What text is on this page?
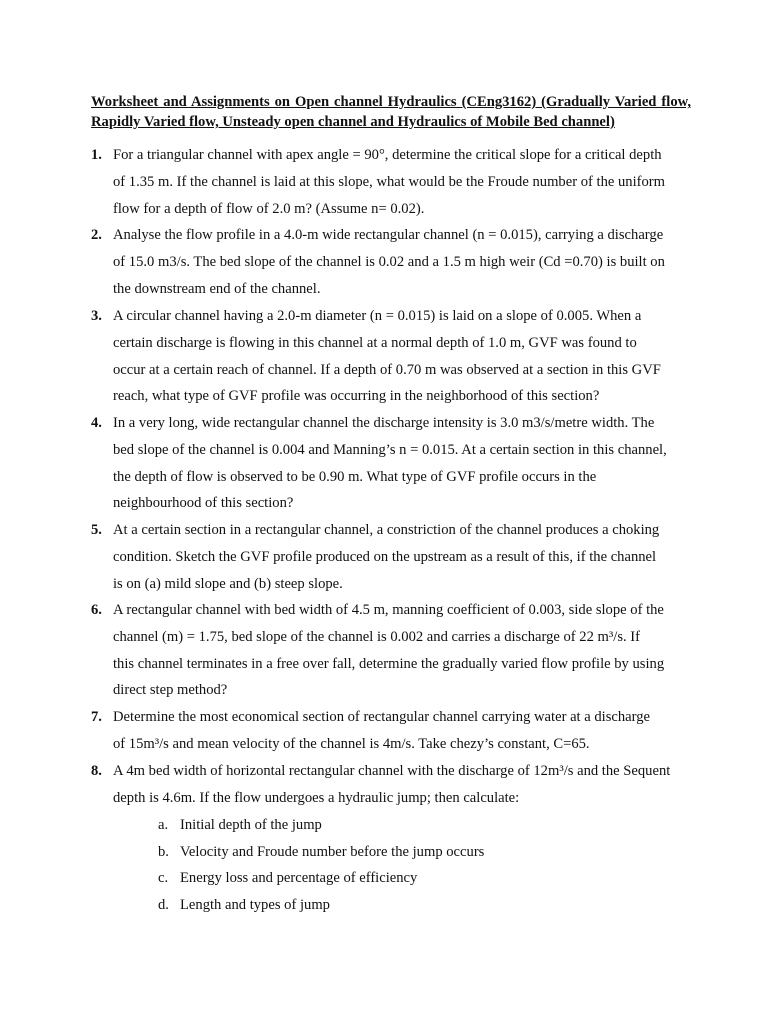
Worksheet and Assignments on Open channel Hydraulics (CEng3162) (Gradually Varied flow, Rapidly Varied flow, Unsteady open channel and Hydraulics of Mobile Bed channel)
1. For a triangular channel with apex angle = 90°, determine the critical slope for a critical depth
of 1.35 m. If the channel is laid at this slope, what would be the Froude number of the uniform
flow for a depth of flow of 2.0 m? (Assume n= 0.02).
2. Analyse the flow profile in a 4.0-m wide rectangular channel (n = 0.015), carrying a discharge
of 15.0 m3/s. The bed slope of the channel is 0.02 and a 1.5 m high weir (Cd =0.70) is built on
the downstream end of the channel.
3. A circular channel having a 2.0-m diameter (n = 0.015) is laid on a slope of 0.005. When a
certain discharge is flowing in this channel at a normal depth of 1.0 m, GVF was found to
occur at a certain reach of channel. If a depth of 0.70 m was observed at a section in this GVF
reach, what type of GVF profile was occurring in the neighborhood of this section?
4. In a very long, wide rectangular channel the discharge intensity is 3.0 m3/s/metre width. The
bed slope of the channel is 0.004 and Manning’s n = 0.015. At a certain section in this channel,
the depth of flow is observed to be 0.90 m. What type of GVF profile occurs in the
neighbourhood of this section?
5. At a certain section in a rectangular channel, a constriction of the channel produces a choking
condition. Sketch the GVF profile produced on the upstream as a result of this, if the channel
is on (a) mild slope and (b) steep slope.
6. A rectangular channel with bed width of 4.5 m, manning coefficient of 0.003, side slope of the
channel (m) = 1.75, bed slope of the channel is 0.002 and carries a discharge of 22 m³/s. If
this channel terminates in a free over fall, determine the gradually varied flow profile by using
direct step method?
7. Determine the most economical section of rectangular channel carrying water at a discharge
of 15m³/s and mean velocity of the channel is 4m/s. Take chezy’s constant, C=65.
8. A 4m bed width of horizontal rectangular channel with the discharge of 12m³/s and the Sequent
depth is 4.6m. If the flow undergoes a hydraulic jump; then calculate:
a. Initial depth of the jump
b. Velocity and Froude number before the jump occurs
c. Energy loss and percentage of efficiency
d. Length and types of jump
